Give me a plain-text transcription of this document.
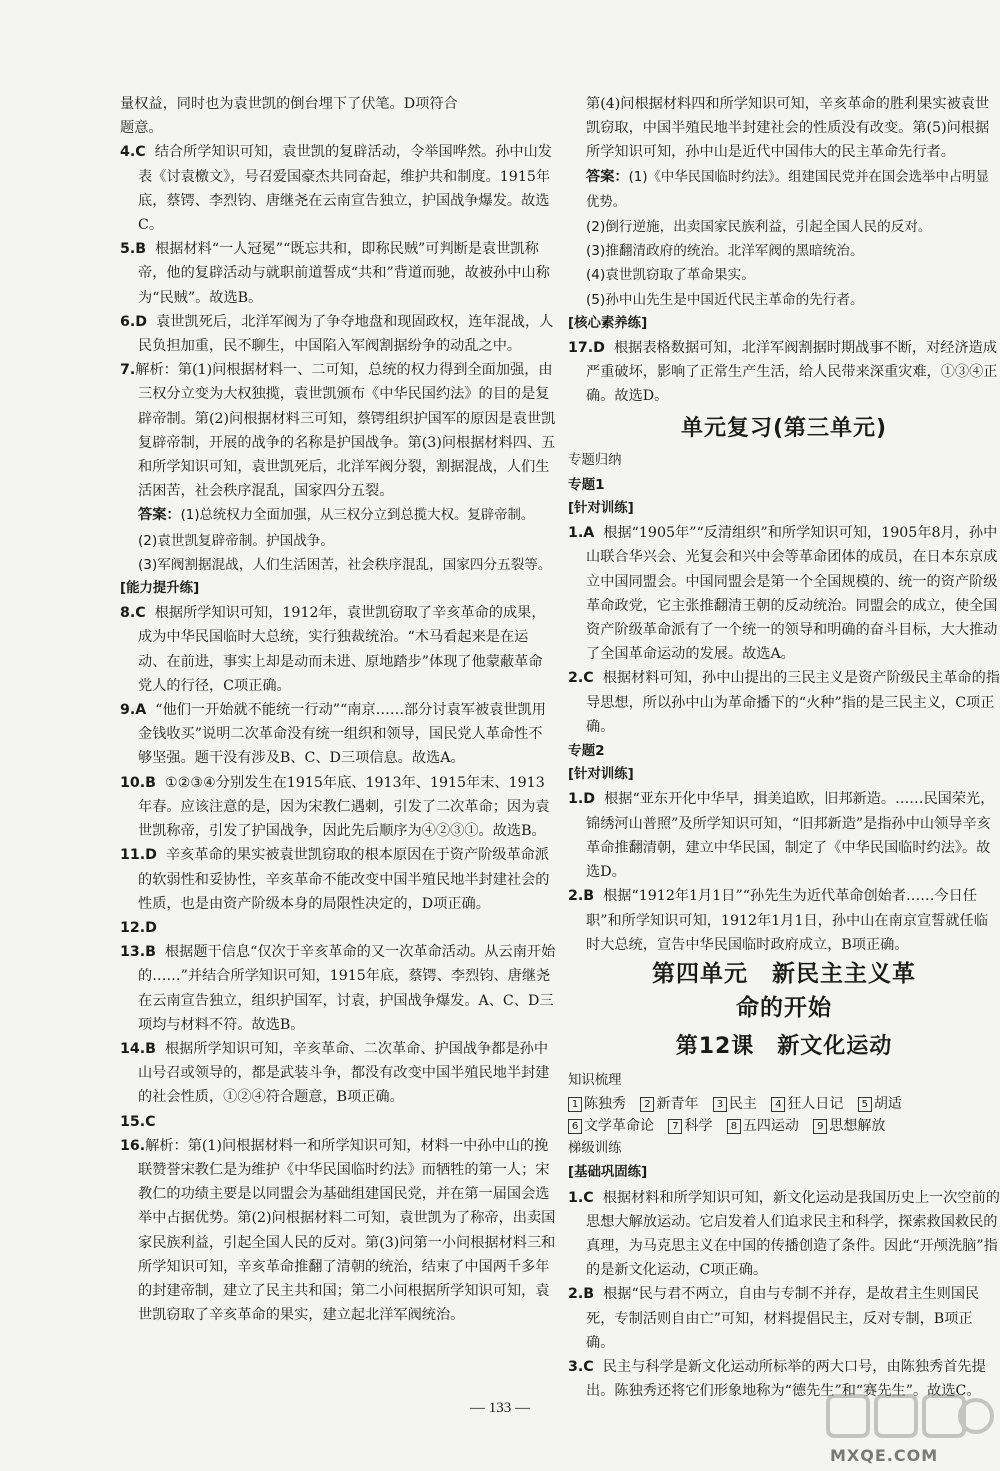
量权益，同时也为袁世凯的倒台埋下了伏笔。D项符合
题意。
4.C 结合所学知识可知，袁世凯的复辟活动，令举国哗然。孙中山发表《讨袁檄文》，号召爱国豪杰共同奋起，维护共和制度。1915年底，蔡锷、李烈钧、唐继尧在云南宣告独立，护国战争爆发。故选C。
5.B 根据材料“一人冠冕”“既忘共和，即称民贼”可判断是袁世凯称帝，他的复辟活动与就职前道誓成“共和”背道而驰，故被孙中山称为“民贼”。故选B。
6.D 袁世凯死后，北洋军阀为了争夺地盘和现固政权，连年混战，人民负担加重，民不聊生，中国陷入军阀割据纷争的动乱之中。
7.解析：第(1)问根据材料一、二可知，总统的权力得到全面加强，由三权分立变为大权独揽，袁世凯颁布《中华民国约法》的目的是复辟帝制。第(2)问根据材料三可知，蔡锷组织护国军的原因是袁世凯复辟帝制，开展的战争的名称是护国战争。第(3)问根据材料四、五和所学知识可知，袁世凯死后，北洋军阀分裂，割据混战，人们生活困苦，社会秩序混乱，国家四分五裂。
答案：(1)总统权力全面加强，从三权分立到总揽大权。复辟帝制。
(2)袁世凯复辟帝制。护国战争。
(3)军阀割据混战，人们生活困苦，社会秩序混乱，国家四分五裂等。
[能力提升练]
8.C 根据所学知识可知，1912年，袁世凯窃取了辛亥革命的成果，成为中华民国临时大总统，实行独裁统治。“木马看起来是在运动、在前进，事实上却是动而未进、原地踏步”体现了他蒙蔽革命党人的行径，C项正确。
9.A “他们一开始就不能统一行动”“南京……部分讨袁军被袁世凯用金钱收买”说明二次革命没有统一组织和领导，国民党人革命性不够坚强。题干没有涉及B、C、D三项信息。故选A。
10.B ①②③④分别发生在1915年底、1913年、1915年末、1913年春。应该注意的是，因为宋教仁遇刺，引发了二次革命；因为袁世凯称帝，引发了护国战争，因此先后顺序为④②③①。故选B。
11.D 辛亥革命的果实被袁世凯窃取的根本原因在于资产阶级革命派的软弱性和妥协性，辛亥革命不能改变中国半殖民地半封建社会的性质，也是由资产阶级本身的局限性决定的，D项正确。
12.D
13.B 根据题干信息“仅次于辛亥革命的又一次革命活动。从云南开始的……”并结合所学知识可知，1915年底，蔡锷、李烈钧、唐继尧在云南宣告独立，组织护国军，讨袁，护国战争爆发。A、C、D三项均与材料不符。故选B。
14.B 根据所学知识可知，辛亥革命、二次革命、护国战争都是孙中山号召或领导的，都是武装斗争，都没有改变中国半殖民地半封建的社会性质，①②④符合题意，B项正确。
15.C
16.解析：第(1)问根据材料一和所学知识可知，材料一中孙中山的挽联赞誉宋教仁是为维护《中华民国临时约法》而牺牲的第一人；宋教仁的功绩主要是以同盟会为基础组建国民党，并在第一届国会选举中占据优势。第(2)问根据材料二可知，袁世凯为了称帝，出卖国家民族利益，引起全国人民的反对。第(3)问第一小问根据材料三和所学知识可知，辛亥革命推翻了清朝的统治，结束了中国两千多年的封建帝制，建立了民主共和国；第二小问根据所学知识可知，袁世凯窃取了辛亥革命的果实，建立起北洋军阀统治。
第(4)问根据材料四和所学知识可知，辛亥革命的胜利果实被袁世凯窃取，中国半殖民地半封建社会的性质没有改变。第(5)问根据所学知识可知，孙中山是近代中国伟大的民主革命先行者。
答案：(1)《中华民国临时约法》。组建国民党并在国会选举中占明显优势。
(2)倒行逆施，出卖国家民族利益，引起全国人民的反对。
(3)推翻清政府的统治。北洋军阀的黑暗统治。
(4)袁世凯窃取了革命果实。
(5)孙中山先生是中国近代民主革命的先行者。
[核心素养练]
17.D 根据表格数据可知，北洋军阀割据时期战事不断，对经济造成严重破坏，影响了正常生产生活，给人民带来深重灾难，①③④正确。故选D。
单元复习(第三单元)
专题归纳
专题1
[针对训练]
1.A 根据“1905年”“反清组织”和所学知识可知，1905年8月，孙中山联合华兴会、光复会和兴中会等革命团体的成员，在日本东京成立中国同盟会。中国同盟会是第一个全国规模的、统一的资产阶级革命政党，它主张推翻清王朝的反动统治。同盟会的成立，使全国资产阶级革命派有了一个统一的领导和明确的奋斗目标，大大推动了全国革命运动的发展。故选A。
2.C 根据材料可知，孙中山提出的三民主义是资产阶级民主革命的指导思想，所以孙中山为革命播下的“火种”指的是三民主义，C项正确。
专题2
[针对训练]
1.D 根据“亚东开化中华早，揖美追欧，旧邦新造。……民国荣光，锦绣河山普照”及所学知识可知，“旧邦新造”是指孙中山领导辛亥革命推翻清朝，建立中华民国，制定了《中华民国临时约法》。故选D。
2.B 根据“1912年1月1日”“孙先生为近代革命创始者……今日任职”和所学知识可知，1912年1月1日，孙中山在南京宣誓就任临时大总统，宣告中华民国临时政府成立，B项正确。
第四单元　新民主主义革
命的开始
第12课　新文化运动
知识梳理
1 陈独秀 2 新青年 3 民主 4 狂人日记 5 胡适
6 文学革命论 7 科学 8 五四运动 9 思想解放
梯级训练
[基础巩固练]
1.C 根据材料和所学知识可知，新文化运动是我国历史上一次空前的思想大解放运动。它启发着人们追求民主和科学，探索救国救民的真理，为马克思主义在中国的传播创造了条件。因此“开颅洗脑”指的是新文化运动，C项正确。
2.B 根据“民与君不两立，自由与专制不并存，是故君主生则国民死，专制活则自由亡”可知，材料提倡民主，反对专制，B项正确。
3.C 民主与科学是新文化运动所标举的两大口号，由陈独秀首先提出。陈独秀还将它们形象地称为“德先生”和“赛先生”。故选C。
— 133 —
MXQE.COM
